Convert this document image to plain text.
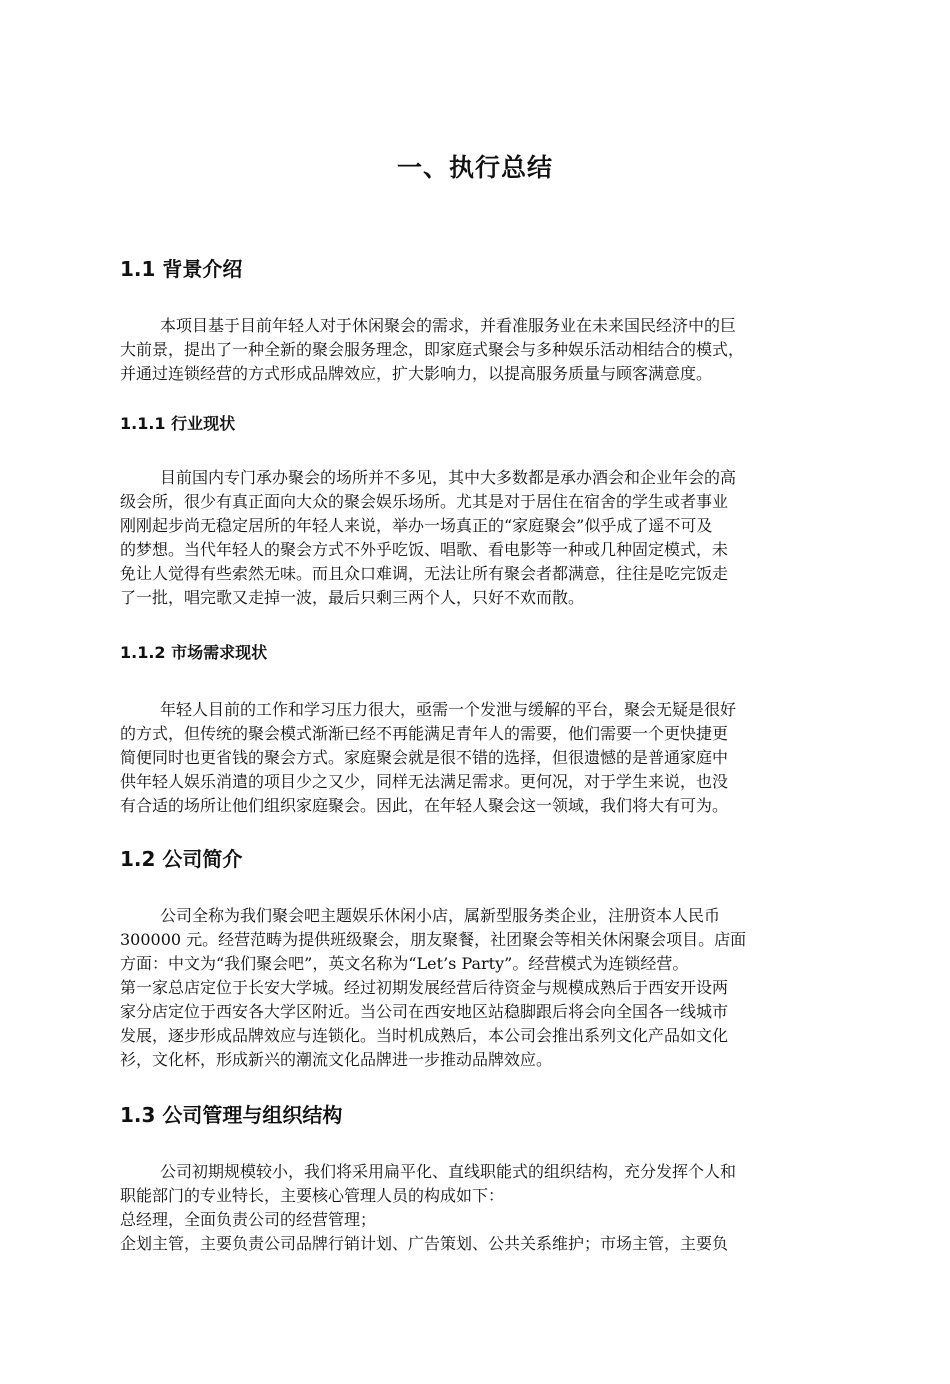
一、执行总结
1.1 背景介绍
本项目基于目前年轻人对于休闲聚会的需求，并看准服务业在未来国民经济中的巨
大前景，提出了一种全新的聚会服务理念，即家庭式聚会与多种娱乐活动相结合的模式，
并通过连锁经营的方式形成品牌效应，扩大影响力，以提高服务质量与顾客满意度。
1.1.1 行业现状
目前国内专门承办聚会的场所并不多见，其中大多数都是承办酒会和企业年会的高
级会所，很少有真正面向大众的聚会娱乐场所。尤其是对于居住在宿舍的学生或者事业
刚刚起步尚无稳定居所的年轻人来说，举办一场真正的“家庭聚会”似乎成了遥不可及
的梦想。当代年轻人的聚会方式不外乎吃饭、唱歌、看电影等一种或几种固定模式，未
免让人觉得有些索然无味。而且众口难调，无法让所有聚会者都满意，往往是吃完饭走
了一批，唱完歌又走掉一波，最后只剩三两个人，只好不欢而散。
1.1.2 市场需求现状
年轻人目前的工作和学习压力很大，亟需一个发泄与缓解的平台，聚会无疑是很好
的方式，但传统的聚会模式渐渐已经不再能满足青年人的需要，他们需要一个更快捷更
简便同时也更省钱的聚会方式。家庭聚会就是很不错的选择，但很遗憾的是普通家庭中
供年轻人娱乐消遣的项目少之又少，同样无法满足需求。更何况，对于学生来说，也没
有合适的场所让他们组织家庭聚会。因此，在年轻人聚会这一领域，我们将大有可为。
1.2 公司简介
公司全称为我们聚会吧主题娱乐休闲小店，属新型服务类企业，注册资本人民币
300000 元。经营范畴为提供班级聚会，朋友聚餐，社团聚会等相关休闲聚会项目。店面
方面：中文为“我们聚会吧”，英文名称为“Let’s Party”。经营模式为连锁经营。
第一家总店定位于长安大学城。经过初期发展经营后待资金与规模成熟后于西安开设两
家分店定位于西安各大学区附近。当公司在西安地区站稳脚跟后将会向全国各一线城市
发展，逐步形成品牌效应与连锁化。当时机成熟后，本公司会推出系列文化产品如文化
衫，文化杯，形成新兴的潮流文化品牌进一步推动品牌效应。
1.3 公司管理与组织结构
公司初期规模较小，我们将采用扁平化、直线职能式的组织结构，充分发挥个人和
职能部门的专业特长，主要核心管理人员的构成如下：
总经理，全面负责公司的经营管理；
企划主管，主要负责公司品牌行销计划、广告策划、公共关系维护；市场主管，主要负
